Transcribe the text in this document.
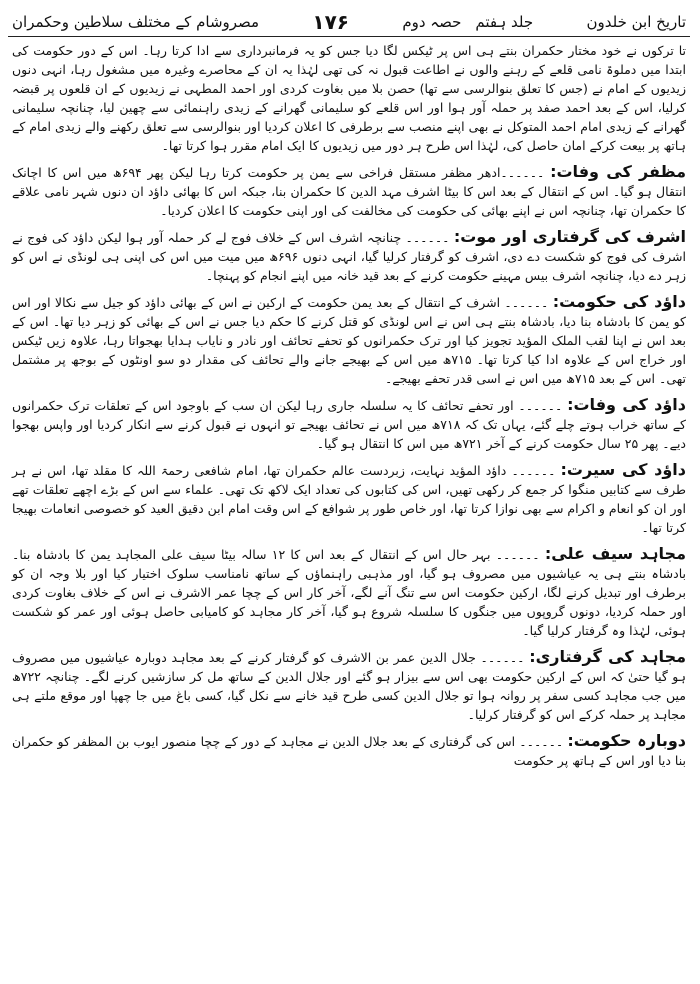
تاریخ ابن خلدون
جلد ہفتم
حصہ دوم
۱۷۶
مصروشام کے مختلف سلاطین وحکمران

تا ترکوں نے خود مختار حکمران بنتے ہی اس پر ٹیکس لگا دیا جس کو یہ فرمانبرداری سے ادا کرتا رہا۔ اس کے دور حکومت کی ابتدا میں دملوۃ نامی قلعے کے رہنے والوں نے اطاعت قبول نہ کی تھی لہٰذا یہ ان کے محاصرے وغیرہ میں مشغول رہا، انہی دنوں زیدیوں کے امام نے (جس کا تعلق بنوالرسی سے تھا) حصن بلا میں بغاوت کردی اور احمد المطہی نے زیدیوں کے ان قلعوں پر قبضہ کرلیا، اس کے بعد احمد صفد پر حملہ آور ہوا اور اس قلعے کو سلیمانی گھرانے کے زیدی راہنمائی سے چھین لیا، چنانچہ سلیمانی گھرانے کے زیدی امام احمد المتوکل نے بھی اپنے منصب سے برطرفی کا اعلان کردیا اور بنوالرسی سے تعلق رکھنے والے زیدی امام کے ہاتھ پر بیعت کرکے امان حاصل کی، لہٰذا اس طرح ہر دور میں زیدیوں کا ایک امام مقرر ہوا کرتا تھا۔

مظفر کی وفات: ۔۔۔۔۔۔ادھر مظفر مستقل فراخی سے یمن پر حکومت کرتا رہا لیکن پھر ۶۹۴ھ میں اس کا اچانک انتقال ہو گیا۔ اس کے انتقال کے بعد اس کا بیٹا اشرف مہد الدین کا حکمران بنا، جبکہ اس کا بھائی داؤد ان دنوں شہر نامی علاقے کا حکمران تھا، چنانچہ اس نے اپنے بھائی کی حکومت کی مخالفت کی اور اپنی حکومت کا اعلان کردیا۔

اشرف کی گرفتاری اور موت: ۔۔۔۔۔۔ چنانچہ اشرف اس کے خلاف فوج لے کر حملہ آور ہوا لیکن داؤد کی فوج نے اشرف کی فوج کو شکست دے دی، اشرف کو گرفتار کرلیا گیا، انہی دنوں ۶۹۶ھ میں میت میں اس کی اپنی ہی لونڈی نے اس کو زہر دے دیا، چنانچہ اشرف بیس مہینے حکومت کرنے کے بعد قید خانہ میں اپنے انجام کو پہنچا۔

داؤد کی حکومت: ۔۔۔۔۔۔ اشرف کے انتقال کے بعد یمن حکومت کے ارکین نے اس کے بھائی داؤد کو جیل سے نکالا اور اس کو یمن کا بادشاہ بنا دیا، بادشاہ بنتے ہی اس نے اس لونڈی کو قتل کرنے کا حکم دیا جس نے اس کے بھائی کو زہر دیا تھا۔ اس کے بعد اس نے اپنا لقب الملک المؤید تجویز کیا اور ترک حکمرانوں کو تحفے تحائف اور نادر و نایاب ہدایا بھجواتا رہا، علاوہ زیں ٹیکس اور خراج اس کے علاوہ ادا کیا کرتا تھا۔ ۷۱۵ھ میں اس کے بھیجے جانے والے تحائف کی مقدار دو سو اونٹوں کے بوجھ پر مشتمل تھی۔ اس کے بعد ۷۱۵ھ میں اس نے اسی قدر تحفے بھیجے۔

داؤد کی وفات: ۔۔۔۔۔۔ اور تحفے تحائف کا یہ سلسلہ جاری رہا لیکن ان سب کے باوجود اس کے تعلقات ترک حکمرانوں کے ساتھ خراب ہوتے چلے گئے، یہاں تک کہ ۷۱۸ھ میں اس نے تحائف بھیجے تو انہوں نے قبول کرنے سے انکار کردیا اور واپس بھجوا دیے۔ پھر ۲۵ سال حکومت کرنے کے آخر ۷۲۱ھ میں اس کا انتقال ہو گیا۔

داؤد کی سیرت: ۔۔۔۔۔۔ داؤد المؤید نہایت، زبردست عالم حکمران تھا، امام شافعی رحمۃ اللہ کا مقلد تھا، اس نے ہر طرف سے کتابیں منگوا کر جمع کر رکھی تھیں، اس کی کتابوں کی تعداد ایک لاکھ تک تھی۔ علماء سے اس کے بڑے اچھے تعلقات تھے اور ان کو انعام و اکرام سے بھی نوازا کرتا تھا، اور خاص طور پر شوافع کے اس وقت امام ابن دقیق العید کو خصوصی انعامات بھیجا کرتا تھا۔

مجاہد سیف علی: ۔۔۔۔۔۔ بہر حال اس کے انتقال کے بعد اس کا ۱۲ سالہ بیٹا سیف علی المجاہد یمن کا بادشاہ بنا۔ بادشاہ بنتے ہی یہ عیاشیوں میں مصروف ہو گیا، اور مذہبی راہنماؤں کے ساتھ نامناسب سلوک اختیار کیا اور بلا وجہ ان کو برطرف اور تبدیل کرنے لگا، ارکین حکومت اس سے تنگ آنے لگے، آخر کار اس کے چچا عمر الاشرف نے اس کے خلاف بغاوت کردی اور حملہ کردیا، دونوں گروپوں میں جنگوں کا سلسلہ شروع ہو گیا، آخر کار مجاہد کو کامیابی حاصل ہوئی اور عمر کو شکست ہوئی، لہٰذا وہ گرفتار کرلیا گیا۔

مجاہد کی گرفتاری: ۔۔۔۔۔۔ جلال الدین عمر بن الاشرف کو گرفتار کرنے کے بعد مجاہد دوبارہ عیاشیوں میں مصروف ہو گیا حتیٰ کہ اس کے ارکین حکومت بھی اس سے بیزار ہو گئے اور جلال الدین کے ساتھ مل کر سازشیں کرنے لگے۔ چنانچہ ۷۲۲ھ میں جب مجاہد کسی سفر پر روانہ ہوا تو جلال الدین کسی طرح قید خانے سے نکل گیا، کسی باغ میں جا چھپا اور موقع ملتے ہی مجاہد پر حملہ کرکے اس کو گرفتار کرلیا۔

دوبارہ حکومت: ۔۔۔۔۔۔ اس کی گرفتاری کے بعد جلال الدین نے مجاہد کے دور کے چچا منصور ایوب بن المظفر کو حکمران بنا دیا اور اس کے ہاتھ پر حکومت
